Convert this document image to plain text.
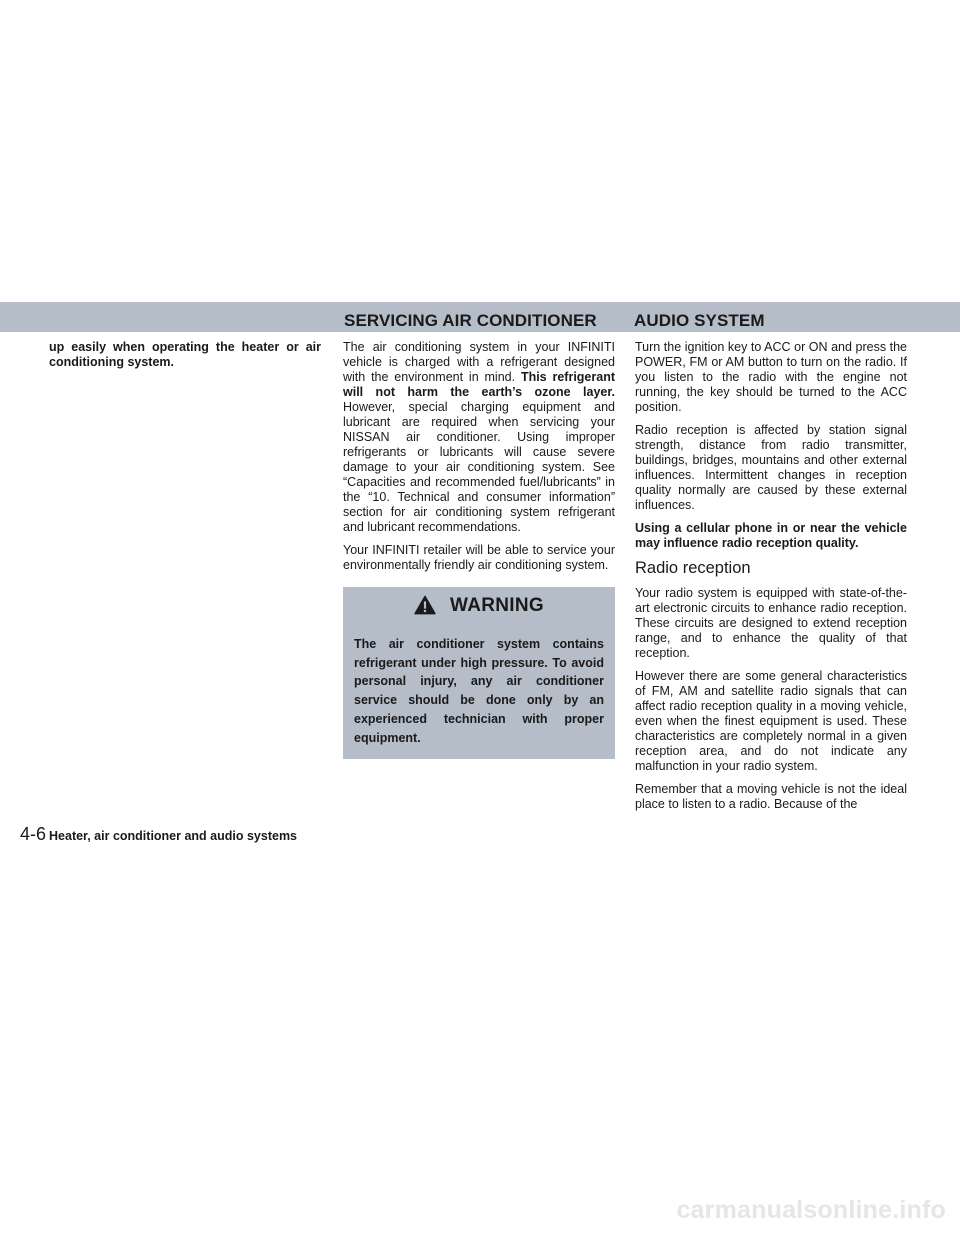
SERVICING AIR CONDITIONER AUDIO SYSTEM

up easily when operating the heater or air conditioning system.

The air conditioning system in your INFINITI vehicle is charged with a refrigerant designed with the environment in mind. This refrigerant will not harm the earth’s ozone layer. However, special charging equipment and lubricant are required when servicing your NISSAN air conditioner. Using improper refrigerants or lubricants will cause severe damage to your air conditioning system. See “Capacities and recommended fuel/lubricants” in the “10. Technical and consumer information” section for air conditioning system refrigerant and lubricant recommendations.

Your INFINITI retailer will be able to service your environmentally friendly air conditioning system.

WARNING
The air conditioner system contains refrigerant under high pressure. To avoid personal injury, any air conditioner service should be done only by an experienced technician with proper equipment.

Turn the ignition key to ACC or ON and press the POWER, FM or AM button to turn on the radio. If you listen to the radio with the engine not running, the key should be turned to the ACC position.

Radio reception is affected by station signal strength, distance from radio transmitter, buildings, bridges, mountains and other external influences. Intermittent changes in reception quality normally are caused by these external influences.

Using a cellular phone in or near the vehicle may influence radio reception quality.

Radio reception

Your radio system is equipped with state-of-the-art electronic circuits to enhance radio reception. These circuits are designed to extend reception range, and to enhance the quality of that reception.

However there are some general characteristics of FM, AM and satellite radio signals that can affect radio reception quality in a moving vehicle, even when the finest equipment is used. These characteristics are completely normal in a given reception area, and do not indicate any malfunction in your radio system.

Remember that a moving vehicle is not the ideal place to listen to a radio. Because of the

4-6 Heater, air conditioner and audio systems
carmanualsonline.info
